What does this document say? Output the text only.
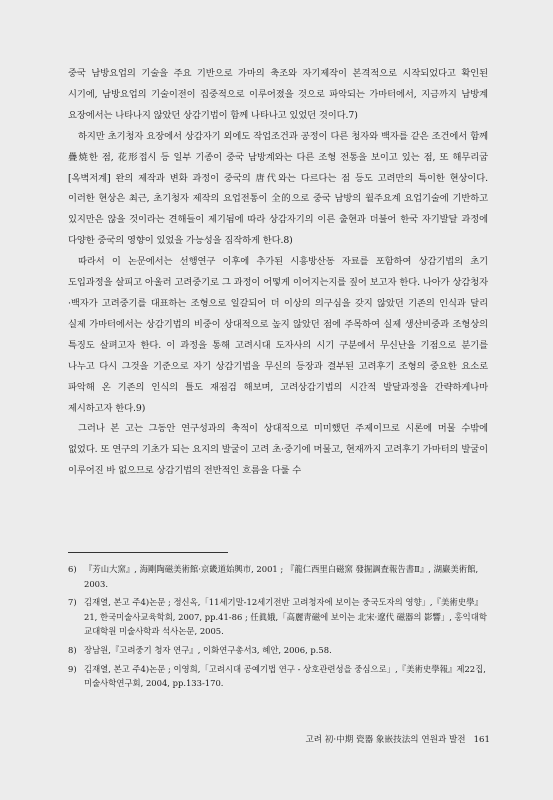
중국 남방요업의 기술을 주요 기반으로 가마의 축조와 자기제작이 본격적으로 시작되었다고 확인된 시기에, 남방요업의 기술이전이 집중적으로 이루어졌을 것으로 파악되는 가마터에서, 지금까지 남방계 요장에서는 나타나지 않았던 상감기법이 함께 나타나고 있었던 것이다.7)

하지만 초기청자 요장에서 상감자기 외에도 작업조건과 공정이 다른 청자와 백자를 같은 조건에서 함께 疊焼한 점, 花形접시 등 일부 기종이 중국 남방계와는 다른 조형 전통을 보이고 있는 점, 또 해무리굽[옥벽저계] 완의 제작과 변화 과정이 중국의 唐代와는 다르다는 점 등도 고려만의 특이한 현상이다. 이러한 현상은 최근, 초기청자 제작의 요업전통이 全的으로 중국 남방의 월주요계 요업기술에 기반하고 있지만은 않을 것이라는 견해들이 제기됨에 따라 상감자기의 이른 출현과 더불어 한국 자기발달 과정에 다양한 중국의 영향이 있었을 가능성을 짐작하게 한다.8)

따라서 이 논문에서는 선행연구 이후에 추가된 시흥방산동 자료를 포함하여 상감기법의 초기 도입과정을 살피고 아울러 고려중기로 그 과정이 어떻게 이어지는지를 짚어 보고자 한다. 나아가 상감청자·백자가 고려중기를 대표하는 조형으로 일갈되어 더 이상의 의구심을 갖지 않았던 기존의 인식과 달리 실제 가마터에서는 상감기법의 비중이 상대적으로 높지 않았던 점에 주목하여 실제 생산비중과 조형상의 특징도 살펴고자 한다. 이 과정을 통해 고려시대 도자사의 시기 구분에서 무신난을 기점으로 분기를 나누고 다시 그것을 기준으로 자기 상감기법을 무신의 등장과 결부된 고려후기 조형의 중요한 요소로 파악해 온 기존의 인식의 틀도 재점검 해보며, 고려상감기법의 시간적 발달과정을 간략하게나마 제시하고자 한다.9)

그러나 본 고는 그동안 연구성과의 축적이 상대적으로 미미했던 주제이므로 시론에 머물 수밖에 없었다. 또 연구의 기초가 되는 요지의 발굴이 고려 초·중기에 머물고, 현재까지 고려후기 가마터의 발굴이 이루어진 바 없으므로 상감기법의 전반적인 흐름을 다룰 수

6) 『芳山大窯』, 海剛陶磁美術館·京畿道始興市, 2001 ; 『龍仁西里白磁窯 發掘調査報告書Ⅱ』, 湖巖美術館, 2003.
7) 김재열, 본고 주4)논문 ; 정신옥,「11세기말-12세기전반 고려청자에 보이는 중국도자의 영향」,『美術史學』21, 한국미술사교육학회, 2007, pp.41-86 ; 任眞娥,「高麗靑磁에 보이는 北宋·遼代 磁器의 影響」, 홍익대학교대학원 미술사학과 석사논문, 2005.
8) 장남원,『고려중기 청자 연구』, 이화연구총서3, 혜안, 2006, p.58.
9) 김재열, 본고 주4)논문 ; 이영희,「고려시대 공예기법 연구 - 상호관련성을 중심으로」,『美術史學報』제22집, 미술사학연구회, 2004, pp.133-170.
고려 初·中期 瓷器 象嵌技法의 연원과 발전 161
